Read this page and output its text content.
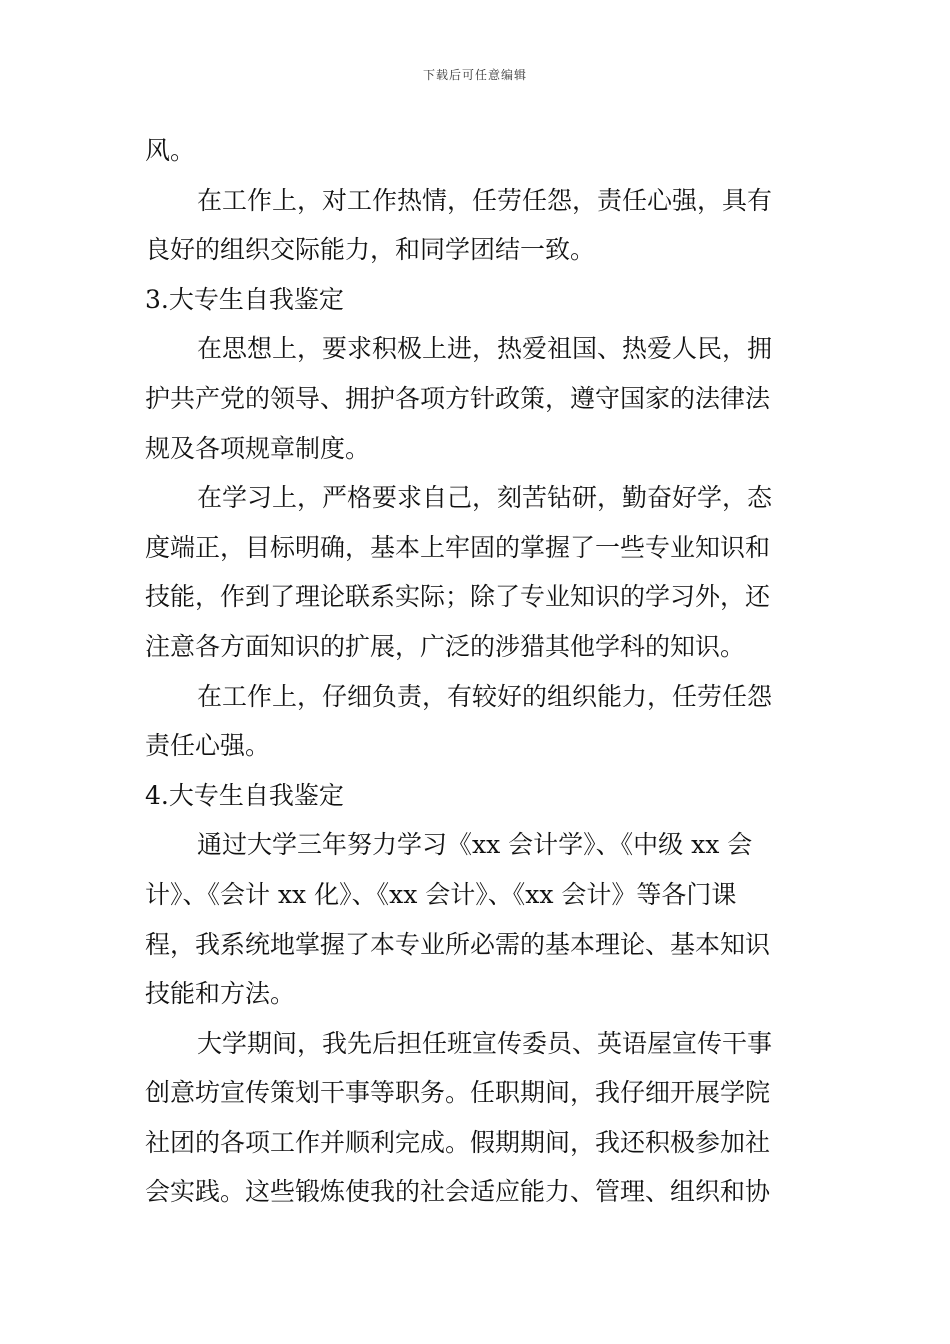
下载后可任意编辑
风。
在工作上，对工作热情，任劳任怨，责任心强，具有
良好的组织交际能力，和同学团结一致。
3.大专生自我鉴定
在思想上，要求积极上进，热爱祖国、热爱人民，拥
护共产党的领导、拥护各项方针政策，遵守国家的法律法
规及各项规章制度。
在学习上，严格要求自己，刻苦钻研，勤奋好学，态
度端正，目标明确，基本上牢固的掌握了一些专业知识和
技能，作到了理论联系实际；除了专业知识的学习外，还
注意各方面知识的扩展，广泛的涉猎其他学科的知识。
在工作上，仔细负责，有较好的组织能力，任劳任怨
责任心强。
4.大专生自我鉴定
通过大学三年努力学习《xx 会计学》、《中级 xx 会
计》、《会计 xx 化》、《xx 会计》、《xx 会计》等各门课
程，我系统地掌握了本专业所必需的基本理论、基本知识
技能和方法。
大学期间，我先后担任班宣传委员、英语屋宣传干事
创意坊宣传策划干事等职务。任职期间，我仔细开展学院
社团的各项工作并顺利完成。假期期间，我还积极参加社
会实践。这些锻炼使我的社会适应能力、管理、组织和协
